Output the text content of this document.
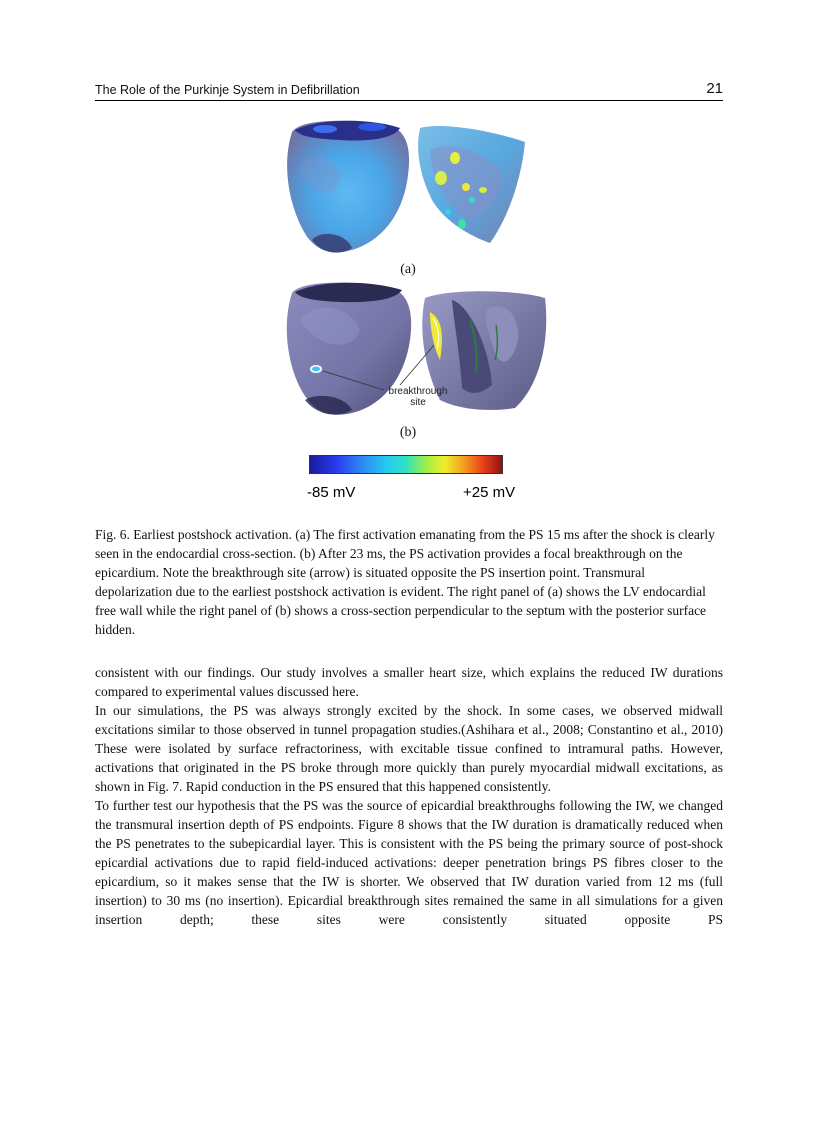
The Role of the Purkinje System in Defibrillation	21
breakthrough
site
(a)
(b)
-85 mV	+25 mV
Fig. 6. Earliest postshock activation. (a) The first activation emanating from the PS 15 ms after the shock is clearly seen in the endocardial cross-section. (b) After 23 ms, the PS activation provides a focal breakthrough on the epicardium. Note the breakthrough site (arrow) is situated opposite the PS insertion point. Transmural depolarization due to the earliest postshock activation is evident. The right panel of (a) shows the LV endocardial free wall while the right panel of (b) shows a cross-section perpendicular to the septum with the posterior surface hidden.

consistent with our findings. Our study involves a smaller heart size, which explains the reduced IW durations compared to experimental values discussed here.

In our simulations, the PS was always strongly excited by the shock. In some cases, we observed midwall excitations similar to those observed in tunnel propagation studies.(Ashihara et al., 2008; Constantino et al., 2010) These were isolated by surface refractoriness, with excitable tissue confined to intramural paths. However, activations that originated in the PS broke through more quickly than purely myocardial midwall excitations, as shown in Fig. 7. Rapid conduction in the PS ensured that this happened consistently.

To further test our hypothesis that the PS was the source of epicardial breakthroughs following the IW, we changed the transmural insertion depth of PS endpoints. Figure 8 shows that the IW duration is dramatically reduced when the PS penetrates to the subepicardial layer. This is consistent with the PS being the primary source of post-shock epicardial activations due to rapid field-induced activations: deeper penetration brings PS fibres closer to the epicardium, so it makes sense that the IW is shorter. We observed that IW duration varied from 12 ms (full insertion) to 30 ms (no insertion). Epicardial breakthrough sites remained the same in all simulations for a given insertion depth; these sites were consistently situated opposite PS
